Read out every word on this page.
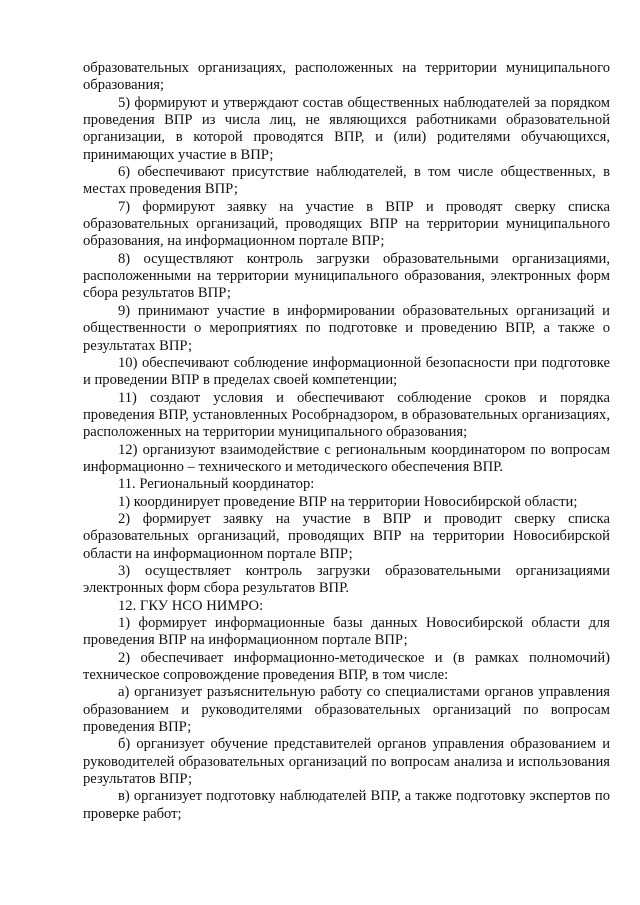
образовательных организациях, расположенных на территории муниципального образования;

5) формируют и утверждают состав общественных наблюдателей за порядком проведения ВПР из числа лиц, не являющихся работниками образовательной организации, в которой проводятся ВПР, и (или) родителями обучающихся, принимающих участие в ВПР;

6) обеспечивают присутствие наблюдателей, в том числе общественных, в местах проведения ВПР;

7) формируют заявку на участие в ВПР и проводят сверку списка образовательных организаций, проводящих ВПР на территории муниципального образования, на информационном портале ВПР;

8) осуществляют контроль загрузки образовательными организациями, расположенными на территории муниципального образования, электронных форм сбора результатов ВПР;

9) принимают участие в информировании образовательных организаций и общественности о мероприятиях по подготовке и проведению ВПР, а также о результатах ВПР;

10) обеспечивают соблюдение информационной безопасности при подготовке и проведении ВПР в пределах своей компетенции;

11) создают условия и обеспечивают соблюдение сроков и порядка проведения ВПР, установленных Рособрнадзором, в образовательных организациях, расположенных на территории муниципального образования;

12) организуют взаимодействие с региональным координатором по вопросам информационно – технического и методического обеспечения ВПР.

11. Региональный координатор:

1) координирует проведение ВПР на территории Новосибирской области;

2) формирует заявку на участие в ВПР и проводит сверку списка образовательных организаций, проводящих ВПР на территории Новосибирской области на информационном портале ВПР;

3) осуществляет контроль загрузки образовательными организациями электронных форм сбора результатов ВПР.

12. ГКУ НСО НИМРО:

1) формирует информационные базы данных Новосибирской области для проведения ВПР на информационном портале ВПР;

2) обеспечивает информационно-методическое и (в рамках полномочий) техническое сопровождение проведения ВПР, в том числе:

а) организует разъяснительную работу со специалистами органов управления образованием и руководителями образовательных организаций по вопросам проведения ВПР;

б) организует обучение представителей органов управления образованием и руководителей образовательных организаций по вопросам анализа и использования результатов ВПР;

в) организует подготовку наблюдателей ВПР, а также подготовку экспертов по проверке работ;
